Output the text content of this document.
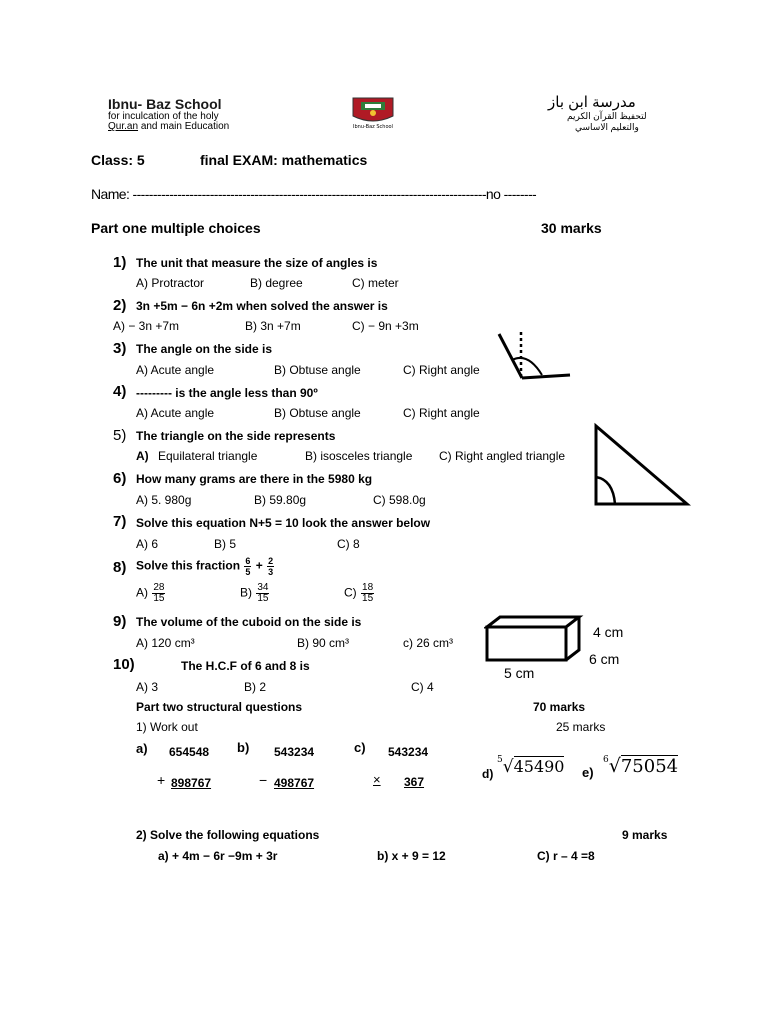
Ibnu- Baz School
for inculcation of the holy
Qur.an and main Education	Ibnu-Baz School
مدرسة ابن باز
لتحفيظ القرآن الكريم
والتعليم الاساسي
Class: 5	final EXAM: mathematics
Name: ---------------------------------------------------------------------------------------no --------
Part one multiple choices	30 marks
1) The unit that measure the size of angles is
A) Protractor	B) degree	C) meter
2) 3n +5m − 6n +2m when solved the answer is
A) − 3n +7m	B) 3n +7m	C) − 9n +3m
3) The angle on the side is
A) Acute angle	B) Obtuse angle	C) Right angle
4) --------- is the angle less than 90º
A) Acute angle	B) Obtuse angle	C) Right angle
5) The triangle on the side represents
A) Equilateral triangle	B) isosceles triangle C) Right angled triangle
6) How many grams are there in the 5980 kg
A) 5. 980g	B) 59.80g	C) 598.0g
7) Solve this equation N+5 = 10 look the answer below
A) 6	B) 5	C) 8
8) Solve this fraction $\frac{6}{5} + \frac{2}{3}$
$A) \frac{28}{15}$	$B) \frac{34}{15}$	$C) \frac{18}{15}$
9) The volume of the cuboid on the side is
A) 120 cm³	B) 90 cm³	c) 26 cm³
4 cm
6 cm
5 cm
10)	The H.C.F of 6 and 8 is
A) 3	B) 2	C) 4
Part two structural questions	70 marks
1) Work out	25 marks
a) 654548
+ 898767
b) 543234
− 498767
c) 543234
× 367
d)
$^5$√45490 e)
$^6$√75054
2) Solve the following equations	9 marks
a) + 4m − 6r −9m + 3r	b) x + 9 = 12	C) r – 4 =8
